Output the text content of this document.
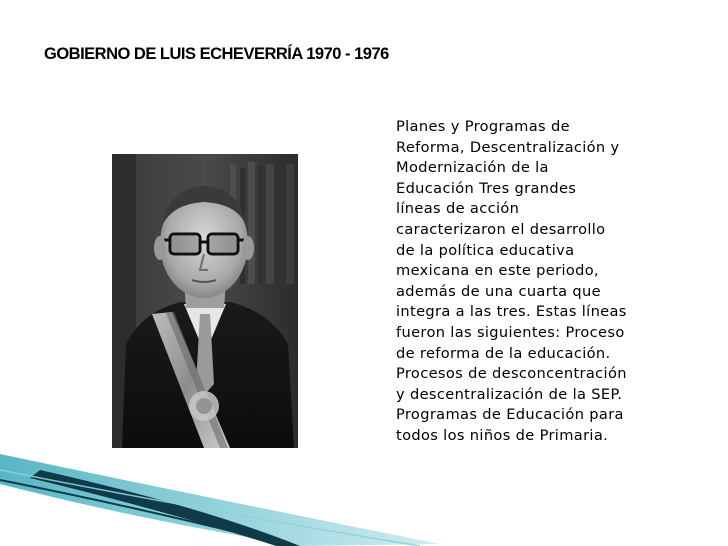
GOBIERNO DE LUIS ECHEVERRÍA 1970 - 1976
Planes y Programas de
Reforma, Descentralización y
Modernización de la
Educación Tres grandes
líneas de acción
caracterizaron el desarrollo
de la política educativa
mexicana en este periodo,
además de una cuarta que
integra a las tres. Estas líneas
fueron las siguientes: Proceso
de reforma de la educación.
Procesos de desconcentración
y descentralización de la SEP.
Programas de Educación para
todos los niños de Primaria.
